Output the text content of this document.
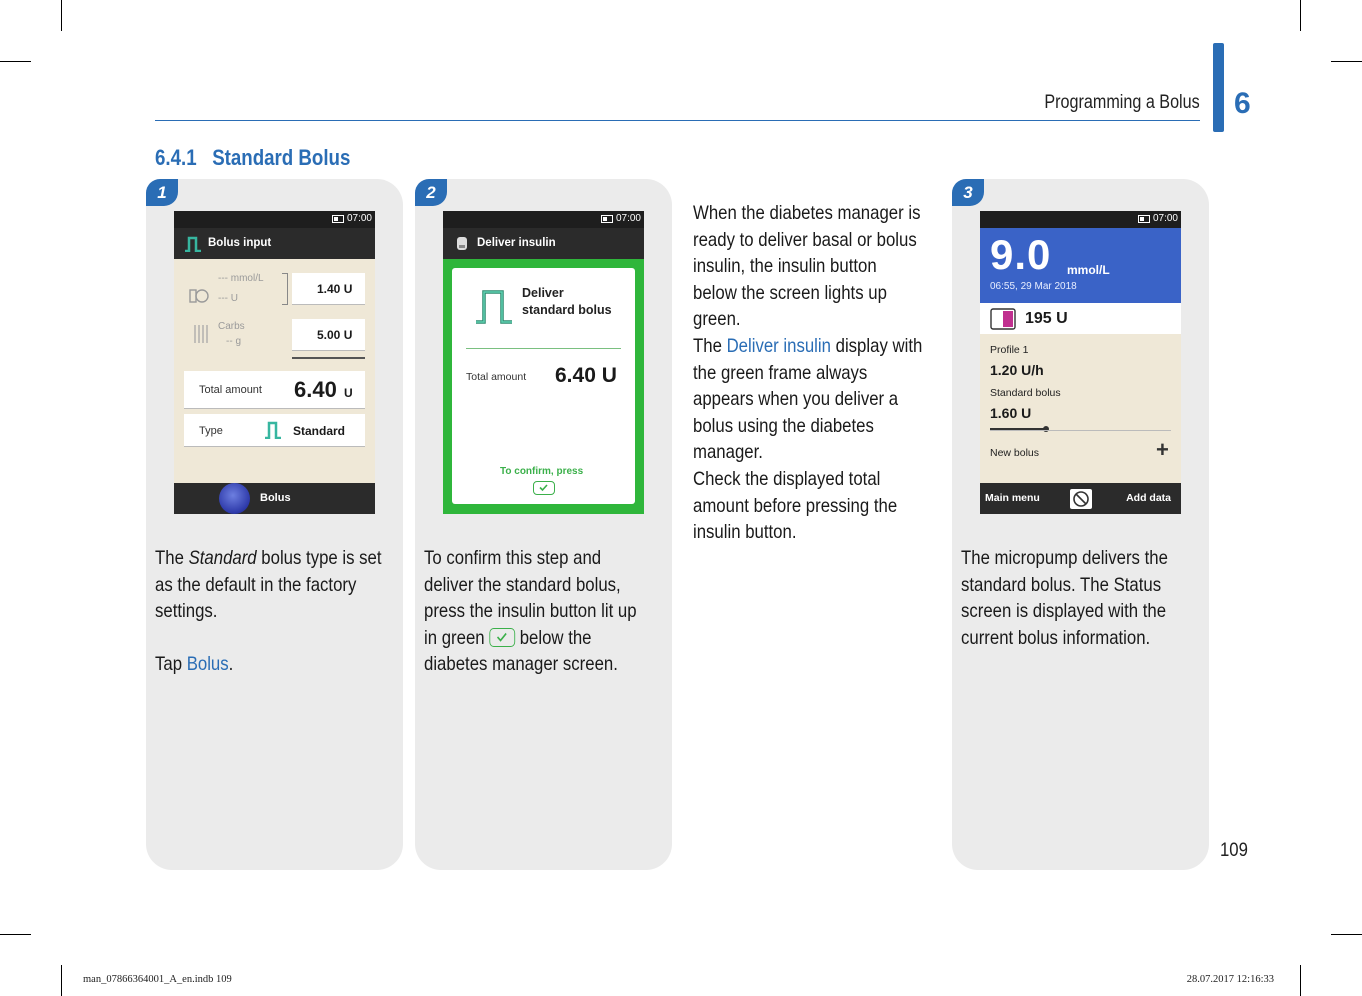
Programming a Bolus 6
6.4.1 Standard Bolus
1	2	3
07:00
Bolus input
--- mmol/L
--- U
Carbs
-- g
1.40 U
5.00 U
Total amount 6.40 U
Type	Standard
Bolus
07:00
Deliver insulin
Deliver
standard bolus
Total amount 6.40 U
To confirm, press
07:00
9.0 mmol/L
06:55, 29 Mar 2018
195 U
Profile 1
1.20 U/h
Standard bolus
1.60 U
New bolus	+
Main menu	Add data
The Standard bolus type is set
as the default in the factory
settings.

Tap Bolus.
To confirm this step and
deliver the standard bolus,
press the insulin button lit up
in green
below the
diabetes manager screen.
When the diabetes manager is
ready to deliver basal or bolus
insulin, the insulin button
below the screen lights up
green.
The Deliver insulin display with
the green frame always
appears when you deliver a
bolus using the diabetes
manager.
Check the displayed total
amount before pressing the
insulin button.
The micropump delivers the
standard bolus. The Status
screen is displayed with the
current bolus information.
109
man_07866364001_A_en.indb 109	28.07.2017 12:16:33
